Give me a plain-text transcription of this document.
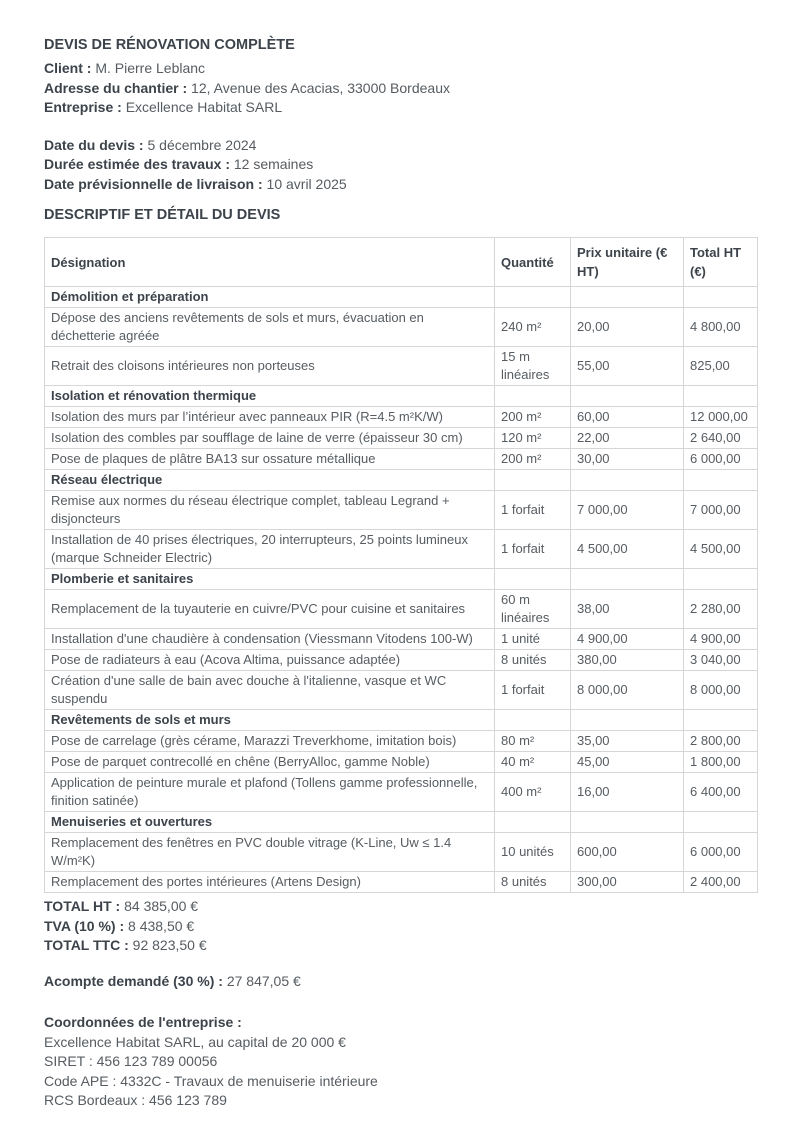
DEVIS DE RÉNOVATION COMPLÈTE
Client : M. Pierre Leblanc
Adresse du chantier : 12, Avenue des Acacias, 33000 Bordeaux
Entreprise : Excellence Habitat SARL
Date du devis : 5 décembre 2024
Durée estimée des travaux : 12 semaines
Date prévisionnelle de livraison : 10 avril 2025
DESCRIPTIF ET DÉTAIL DU DEVIS
Désignation	Quantité	Prix unitaire (€ HT)	Total HT (€)
Démolition et préparation			
Dépose des anciens revêtements de sols et murs, évacuation en déchetterie agréée	240 m²	20,00	4 800,00
Retrait des cloisons intérieures non porteuses	15 m linéaires	55,00	825,00
Isolation et rénovation thermique			
Isolation des murs par l’intérieur avec panneaux PIR (R=4.5 m²K/W)	200 m²	60,00	12 000,00
Isolation des combles par soufflage de laine de verre (épaisseur 30 cm)	120 m²	22,00	2 640,00
Pose de plaques de plâtre BA13 sur ossature métallique	200 m²	30,00	6 000,00
Réseau électrique			
Remise aux normes du réseau électrique complet, tableau Legrand + disjoncteurs	1 forfait	7 000,00	7 000,00
Installation de 40 prises électriques, 20 interrupteurs, 25 points lumineux (marque Schneider Electric)	1 forfait	4 500,00	4 500,00
Plomberie et sanitaires			
Remplacement de la tuyauterie en cuivre/PVC pour cuisine et sanitaires	60 m linéaires	38,00	2 280,00
Installation d'une chaudière à condensation (Viessmann Vitodens 100-W)	1 unité	4 900,00	4 900,00
Pose de radiateurs à eau (Acova Altima, puissance adaptée)	8 unités	380,00	3 040,00
Création d'une salle de bain avec douche à l'italienne, vasque et WC suspendu	1 forfait	8 000,00	8 000,00
Revêtements de sols et murs			
Pose de carrelage (grès cérame, Marazzi Treverkhome, imitation bois)	80 m²	35,00	2 800,00
Pose de parquet contrecollé en chêne (BerryAlloc, gamme Noble)	40 m²	45,00	1 800,00
Application de peinture murale et plafond (Tollens gamme professionnelle, finition satinée)	400 m²	16,00	6 400,00
Menuiseries et ouvertures			
Remplacement des fenêtres en PVC double vitrage (K-Line, Uw ≤ 1.4 W/m²K)	10 unités	600,00	6 000,00
Remplacement des portes intérieures (Artens Design)	8 unités	300,00	2 400,00
TOTAL HT : 84 385,00 €
TVA (10 %) : 8 438,50 €
TOTAL TTC : 92 823,50 €
Acompte demandé (30 %) : 27 847,05 €
Coordonnées de l'entreprise :
Excellence Habitat SARL, au capital de 20 000 €
SIRET : 456 123 789 00056
Code APE : 4332C - Travaux de menuiserie intérieure
RCS Bordeaux : 456 123 789
